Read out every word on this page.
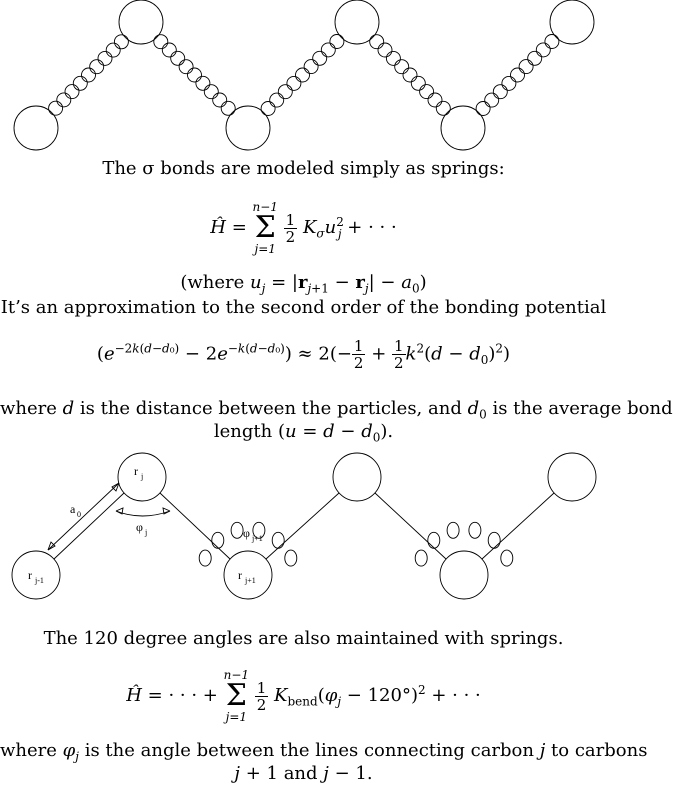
The σ bonds are modeled simply as springs:
Ĥ =
n−1
Σ
j=1

$\frac{1}{2} K_\sigma u^2_j$ + · · ·
(where $u_j = |r_{j+1} - r_j| - a_0$)
It’s an approximation to the second order of the bonding potential
$(e^{-2k(d-d_0)} - 2e^{-k(d-d_0)}) \approx 2(- \frac{1}{2} + \frac{1}{2} k^2(d - d_0)^2)$
where d is the distance between the particles, and $d_0$ is the average bond
length $(u = d - d_0)$.
r j
r j-1	r j+1
a 0
φ j	φ j+1
The 120 degree angles are also maintained with springs.
Ĥ = · · · +
n−1
Σ
j=1

$\frac{1}{2} K_{bend}(\varphi_j - 120^\circ)^2$ + · · ·
where $\varphi_j$ is the angle between the lines connecting carbon j to carbons
j + 1 and j − 1.
